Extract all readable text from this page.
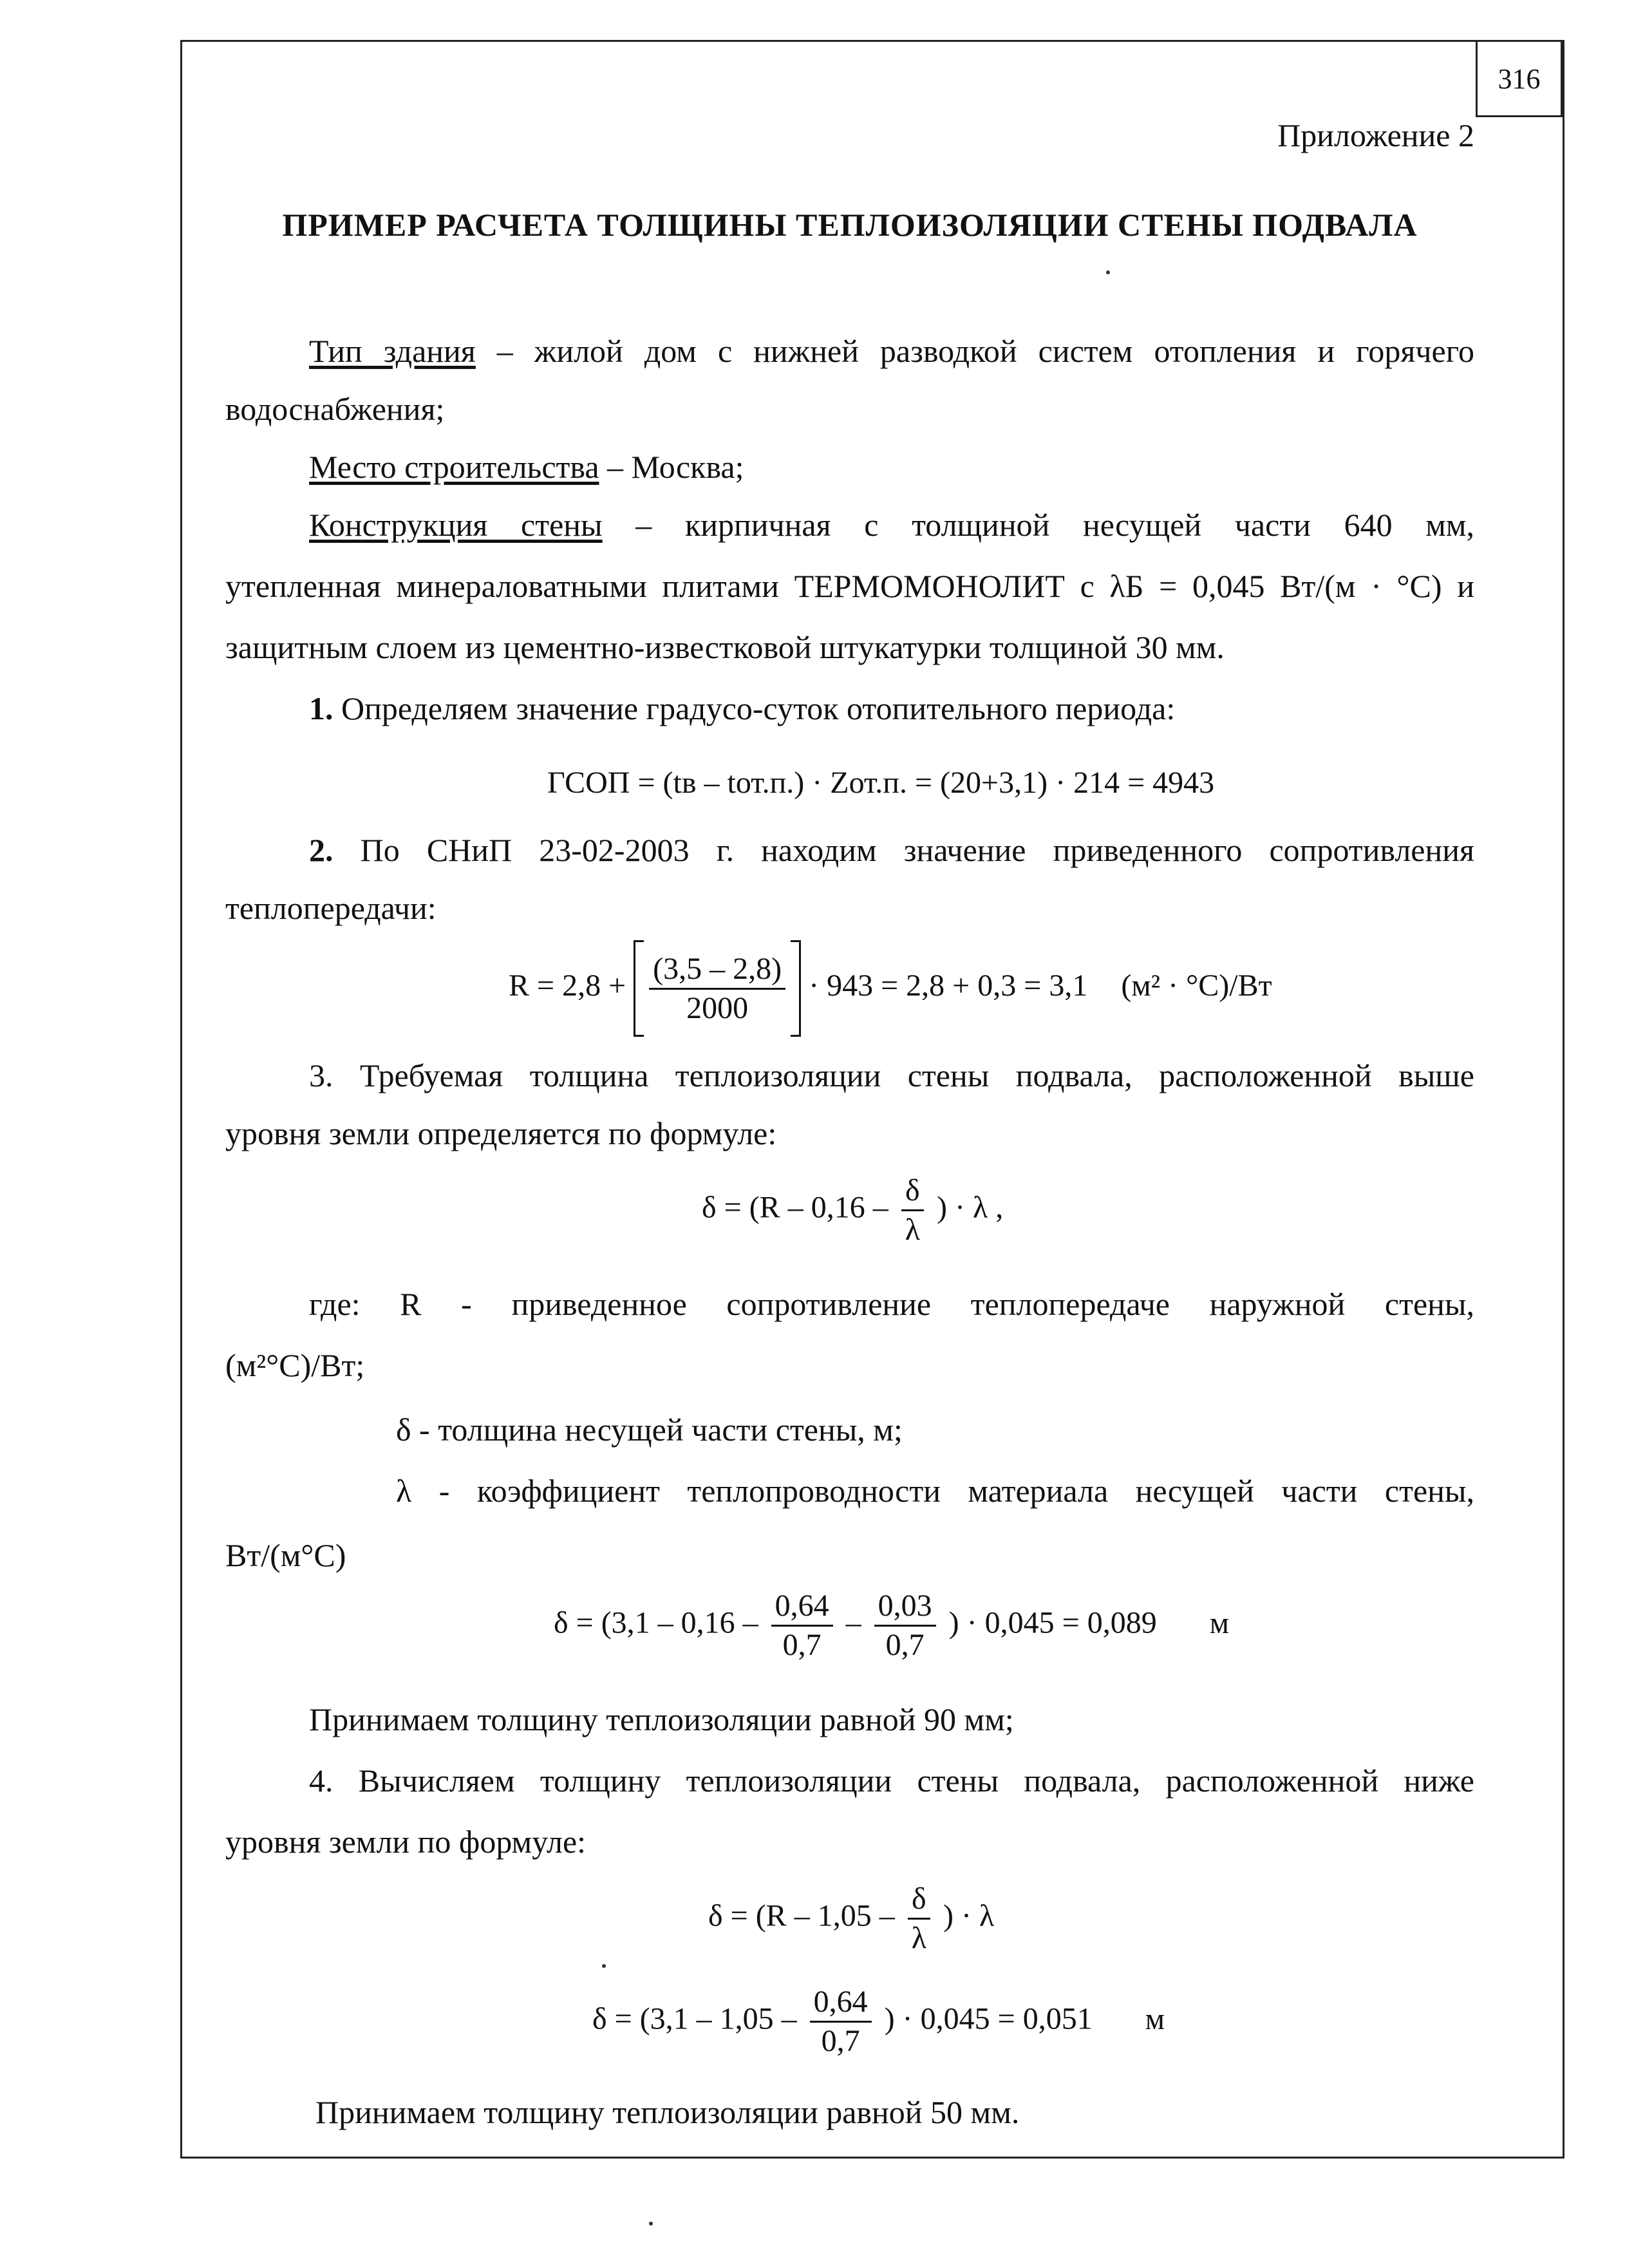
316
Приложение 2
ПРИМЕР РАСЧЕТА ТОЛЩИНЫ ТЕПЛОИЗОЛЯЦИИ СТЕНЫ ПОДВАЛА
Тип здания – жилой дом с нижней разводкой систем отопления и горячего
водоснабжения;
Место строительства – Москва;
Конструкция стены – кирпичная с толщиной несущей части 640 мм,
утепленная минераловатными плитами ТЕРМОМОНОЛИТ с λБ = 0,045 Вт/(м · °С) и
защитным слоем из цементно-известковой штукатурки толщиной 30 мм.
1. Определяем значение градусо-суток отопительного периода:
ГСОП = (tв – tот.п.) · Zот.п. = (20+3,1) · 214 = 4943
2. По СНиП 23-02-2003 г. находим значение приведенного сопротивления
теплопередачи:
$R = 2,8 + \frac{(3,5 - 2,8)}{2000} \cdot 943 = 2,8 + 0,3 = 3,1$ (м² · °С)/Вт
3. Требуемая толщина теплоизоляции стены подвала, расположенной выше
уровня земли определяется по формуле:
$\delta = (R - 0,16 - \frac{\delta}{\lambda}$ ) · λ ,
где: R - приведенное сопротивление теплопередаче наружной стены,
(м²°С)/Вт;
δ - толщина несущей части стены, м;
λ - коэффициент теплопроводности материала несущей части стены,
Вт/(м°С)
$\delta = (3,1 - 0,16 - \frac{0,64}{0,7} - \frac{0,03}{0,7}$ ) · 0,045 = 0,089 м
Принимаем толщину теплоизоляции равной 90 мм;
4. Вычисляем толщину теплоизоляции стены подвала, расположенной ниже
уровня земли по формуле:
$\delta = (R - 1,05 - \frac{\delta}{\lambda}$ ) · λ
$\delta = (3,1 - 1,05 - \frac{0,64}{0,7}$ ) · 0,045 = 0,051 м
Принимаем толщину теплоизоляции равной 50 мм.
